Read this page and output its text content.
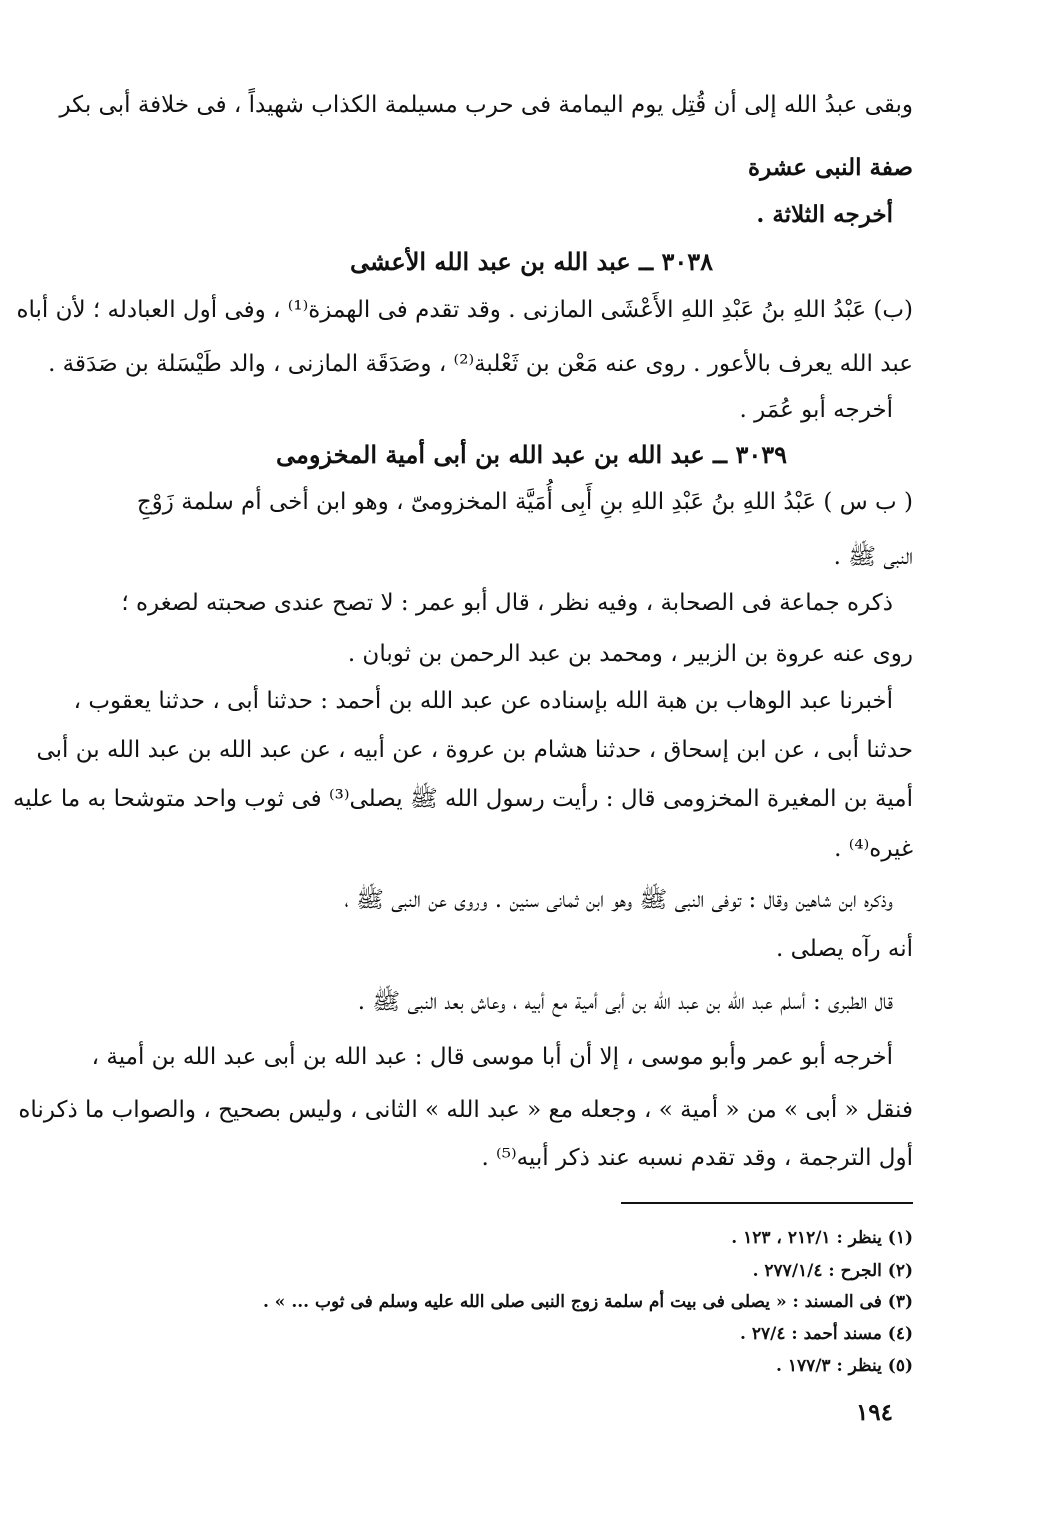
وبقى عبدُ الله إلى أن قُتِل يوم اليمامة فى حرب مسيلمة الكذاب شهيداً ، فى خلافة أبى بكر
صفة النبى عشرة
أخرجه الثلاثة .
٣٠٣٨ ــ عبد الله بن عبد الله الأعشى
(ب) عَبْدُ اللهِ بنُ عَبْدِ اللهِ الأَعْشَى المازنى . وقد تقدم فى الهمزة⁽¹⁾ ، وفى أول العبادله ؛ لأن أباه
عبد الله يعرف بالأعور . روى عنه مَعْن بن ثَعْلبة⁽²⁾ ، وصَدَقَة المازنى ، والد طَيْسَلة بن صَدَقة .
أخرجه أبو عُمَر .
٣٠٣٩ ــ عبد الله بن عبد الله بن أبى أمية المخزومى
( ب س ) عَبْدُ اللهِ بنُ عَبْدِ اللهِ بنِ أَبِى أُمَيَّة المخزومىّ ، وهو ابن أخى أم سلمة زَوْجِ
النبى ﷺ .
ذكره جماعة فى الصحابة ، وفيه نظر ، قال أبو عمر : لا تصح عندى صحبته لصغره ؛
روى عنه عروة بن الزبير ، ومحمد بن عبد الرحمن بن ثوبان .
أخبرنا عبد الوهاب بن هبة الله بإسناده عن عبد الله بن أحمد : حدثنا أبى ، حدثنا يعقوب ،
حدثنا أبى ، عن ابن إسحاق ، حدثنا هشام بن عروة ، عن أبيه ، عن عبد الله بن عبد الله بن أبى
أمية بن المغيرة المخزومى قال : رأيت رسول الله ﷺ يصلى⁽³⁾ فى ثوب واحد متوشحا به ما عليه
غيره⁽⁴⁾ .
وذكره ابن شاهين وقال : توفى النبى ﷺ وهو ابن ثمانى سنين . وروى عن النبى ﷺ ،
أنه رآه يصلى .
قال الطبرى : أسلم عبد الله بن عبد الله بن أبى أمية مع أبيه ، وعاش بعد النبى ﷺ .
أخرجه أبو عمر وأبو موسى ، إلا أن أبا موسى قال : عبد الله بن أبى عبد الله بن أمية ،
فنقل « أبى » من « أمية » ، وجعله مع « عبد الله » الثانى ، وليس بصحيح ، والصواب ما ذكرناه
أول الترجمة ، وقد تقدم نسبه عند ذكر أبيه⁽⁵⁾ .
(١) ينظر : ٢١٢/١ ، ١٢٣ .
(٢) الجرح : ٢٧٧/١/٤ .
(٣) فى المسند : « يصلى فى بيت أم سلمة زوج النبى صلى الله عليه وسلم فى ثوب ... » .
(٤) مسند أحمد : ٢٧/٤ .
(٥) ينظر : ١٧٧/٣ .
١٩٤
